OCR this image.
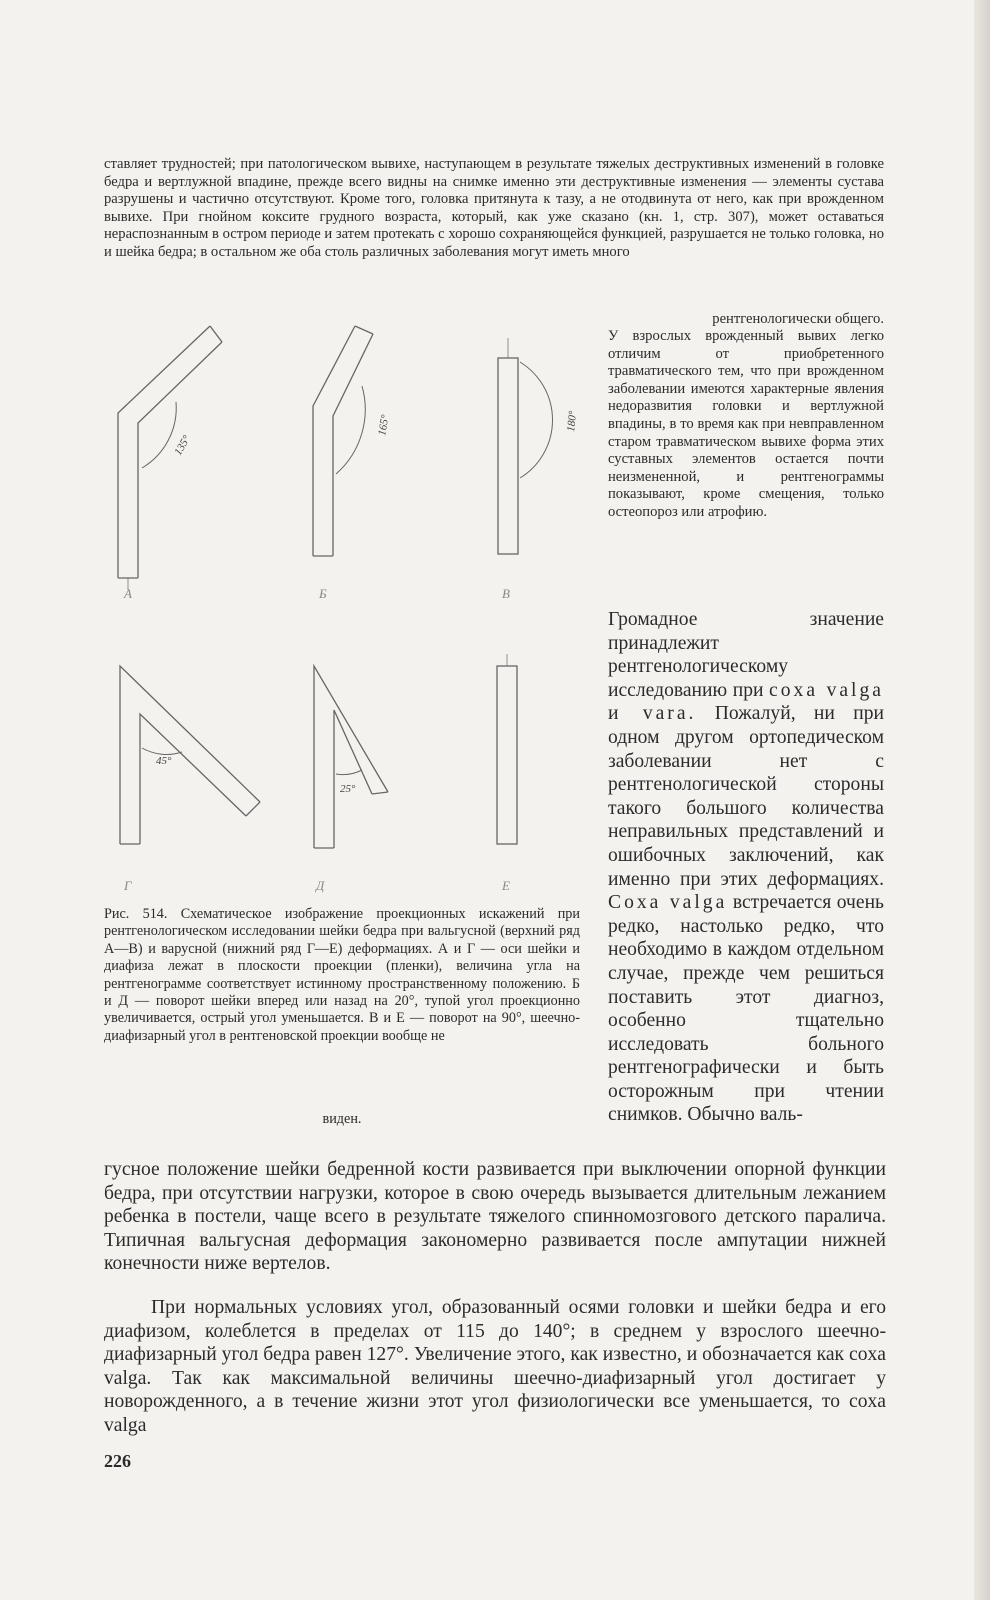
ставляет трудностей; при патологическом вывихе, наступающем в результате тяжелых деструктивных изменений в головке бедра и вертлужной впадине, прежде всего видны на снимке именно эти деструктивные изменения — элементы сустава разрушены и частично отсутствуют. Кроме того, головка притянута к тазу, а не отодвинута от него, как при врожденном вывихе. При гнойном коксите грудного возраста, который, как уже сказано (кн. 1, стр. 307), может оставаться нераспознанным в остром периоде и затем протекать с хорошо сохраняющейся функцией, разрушается не только головка, но и шейка бедра; в остальном же оба столь различных заболевания могут иметь много

рентгенологически общего.

У взрослых врожденный вывих легко отличим от приобретенного травматического тем, что при врожденном заболевании имеются характерные явления недоразвития головки и вертлужной впадины, в то время как при невправленном старом травматическом вывихе форма этих суставных элементов остается почти неизмененной, и рентгенограммы показывают, кроме смещения, только остеопороз или атрофию.

Громадное значение принадлежит рентгенологическому исследованию при coxa valga и vara. Пожалуй, ни при одном другом ортопедическом заболевании нет с рентгенологической стороны такого большого количества неправильных представлений и ошибочных заключений, как именно при этих деформациях. Coxa valga встречается очень редко, настолько редко, что необходимо в каждом отдельном случае, прежде чем решиться поставить этот диагноз, особенно тщательно исследовать больного рентгенографически и быть осторожным при чтении снимков. Обычно валь-

135°
165°	180°
45°
25°
А	Б	В
Г	Д	Е

Рис. 514. Схематическое изображение проекционных искажений при рентгенологическом исследовании шейки бедра при вальгусной (верхний ряд А—В) и варусной (нижний ряд Г—Е) деформациях. А и Г — оси шейки и диафиза лежат в плоскости проекции (пленки), величина угла на рентгенограмме соответствует истинному пространственному положению. Б и Д — поворот шейки вперед или назад на 20°, тупой угол проекционно увеличивается, острый угол уменьшается. В и Е — поворот на 90°, шеечно-диафизарный угол в рентгеновской проекции вообще не

виден.

гусное положение шейки бедренной кости развивается при выключении опорной функции бедра, при отсутствии нагрузки, которое в свою очередь вызывается длительным лежанием ребенка в постели, чаще всего в результате тяжелого спинномозгового детского паралича. Типичная вальгусная деформация закономерно развивается после ампутации нижней конечности ниже вертелов.

При нормальных условиях угол, образованный осями головки и шейки бедра и его диафизом, колеблется в пределах от 115 до 140°; в среднем у взрослого шеечно-диафизарный угол бедра равен 127°. Увеличение этого, как известно, и обозначается как coxa valga. Так как максимальной величины шеечно-диафизарный угол достигает у новорожденного, а в течение жизни этот угол физиологически все уменьшается, то coxa valga

226
